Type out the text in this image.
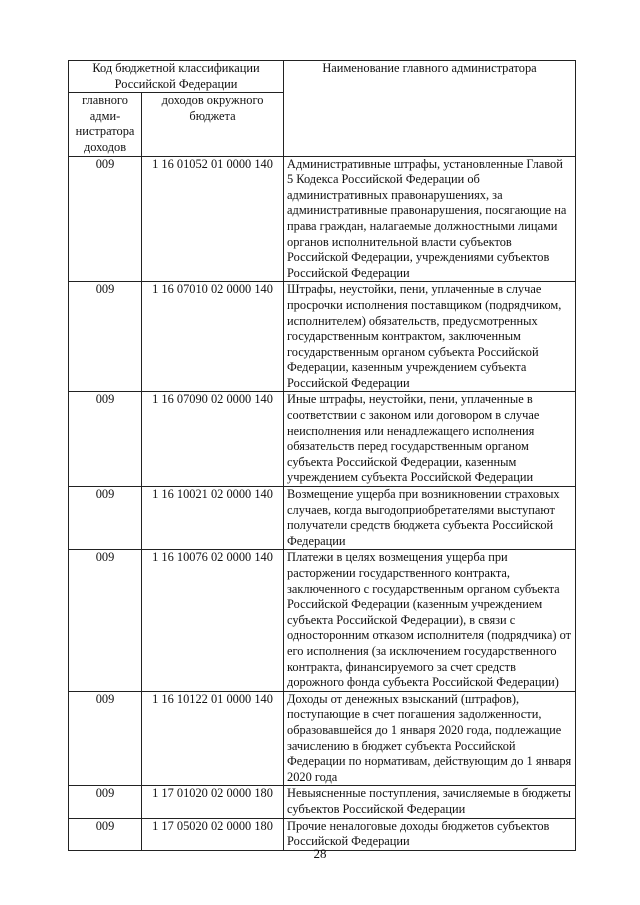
Код бюджетной классификации Российской Федерации		Наименование главного администратора
главного адми-нистратора доходов	доходов окружного бюджета	
009	1 16 01052 01 0000 140	Административные штрафы, установленные Главой 5 Кодекса Российской Федерации об административных правонарушениях, за административные правонарушения, посягающие на права граждан, налагаемые должностными лицами органов исполнительной власти субъектов Российской Федерации, учреждениями субъектов Российской Федерации
009	1 16 07010 02 0000 140	Штрафы, неустойки, пени, уплаченные в случае просрочки исполнения поставщиком (подрядчиком, исполнителем) обязательств, предусмотренных государственным контрактом, заключенным государственным органом субъекта Российской Федерации, казенным учреждением субъекта Российской Федерации
009	1 16 07090 02 0000 140	Иные штрафы, неустойки, пени, уплаченные в соответствии с законом или договором в случае неисполнения или ненадлежащего исполнения обязательств перед государственным органом субъекта Российской Федерации, казенным учреждением субъекта Российской Федерации
009	1 16 10021 02 0000 140	Возмещение ущерба при возникновении страховых случаев, когда выгодоприобретателями выступают получатели средств бюджета субъекта Российской Федерации
009	1 16 10076 02 0000 140	Платежи в целях возмещения ущерба при расторжении государственного контракта, заключенного с государственным органом субъекта Российской Федерации (казенным учреждением субъекта Российской Федерации), в связи с односторонним отказом исполнителя (подрядчика) от его исполнения (за исключением государственного контракта, финансируемого за счет средств дорожного фонда субъекта Российской Федерации)
009	1 16 10122 01 0000 140	Доходы от денежных взысканий (штрафов), поступающие в счет погашения задолженности, образовавшейся до 1 января 2020 года, подлежащие зачислению в бюджет субъекта Российской Федерации по нормативам, действующим до 1 января 2020 года
009	1 17 01020 02 0000 180	Невыясненные поступления, зачисляемые в бюджеты субъектов Российской Федерации
009	1 17 05020 02 0000 180	Прочие неналоговые доходы бюджетов субъектов Российской Федерации
28
